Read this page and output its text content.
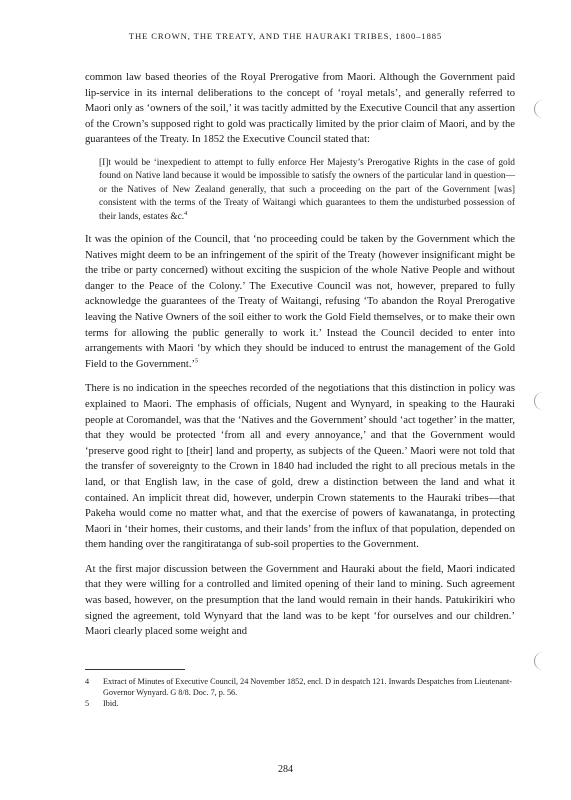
THE CROWN, THE TREATY, AND THE HAURAKI TRIBES, 1800–1885

common law based theories of the Royal Prerogative from Maori. Although the Government paid lip-service in its internal deliberations to the concept of ‘royal metals’, and generally referred to Maori only as ‘owners of the soil,’ it was tacitly admitted by the Executive Council that any assertion of the Crown’s supposed right to gold was practically limited by the prior claim of Maori, and by the guarantees of the Treaty. In 1852 the Executive Council stated that:

[I]t would be ‘inexpedient to attempt to fully enforce Her Majesty’s Prerogative Rights in the case of gold found on Native land because it would be impossible to satisfy the owners of the particular land in question—or the Natives of New Zealand generally, that such a proceeding on the part of the Government [was] consistent with the terms of the Treaty of Waitangi which guarantees to them the undisturbed possession of their lands, estates &c.$^4$

It was the opinion of the Council, that ‘no proceeding could be taken by the Government which the Natives might deem to be an infringement of the spirit of the Treaty (however insignificant might be the tribe or party concerned) without exciting the suspicion of the whole Native People and without danger to the Peace of the Colony.’ The Executive Council was not, however, prepared to fully acknowledge the guarantees of the Treaty of Waitangi, refusing ‘To abandon the Royal Prerogative leaving the Native Owners of the soil either to work the Gold Field themselves, or to make their own terms for allowing the public generally to work it.’ Instead the Council decided to enter into arrangements with Maori ‘by which they should be induced to entrust the management of the Gold Field to the Government.’$^5$

There is no indication in the speeches recorded of the negotiations that this distinction in policy was explained to Maori. The emphasis of officials, Nugent and Wynyard, in speaking to the Hauraki people at Coromandel, was that the ‘Natives and the Government’ should ‘act together’ in the matter, that they would be protected ‘from all and every annoyance,’ and that the Government would ‘preserve good right to [their] land and property, as subjects of the Queen.’ Maori were not told that the transfer of sovereignty to the Crown in 1840 had included the right to all precious metals in the land, or that English law, in the case of gold, drew a distinction between the land and what it contained. An implicit threat did, however, underpin Crown statements to the Hauraki tribes—that Pakeha would come no matter what, and that the exercise of powers of kawanatanga, in protecting Maori in ‘their homes, their customs, and their lands’ from the influx of that population, depended on them handing over the rangitiratanga of sub-soil properties to the Government.

At the first major discussion between the Government and Hauraki about the field, Maori indicated that they were willing for a controlled and limited opening of their land to mining. Such agreement was based, however, on the presumption that the land would remain in their hands. Patukirikiri who signed the agreement, told Wynyard that the land was to be kept ‘for ourselves and our children.’ Maori clearly placed some weight and

4	Extract of Minutes of Executive Council, 24 November 1852, encl. D in despatch 121. Inwards Despatches from Lieutenant-Governor Wynyard. G 8/8. Doc. 7, p. 56.
5	Ibid.
284
